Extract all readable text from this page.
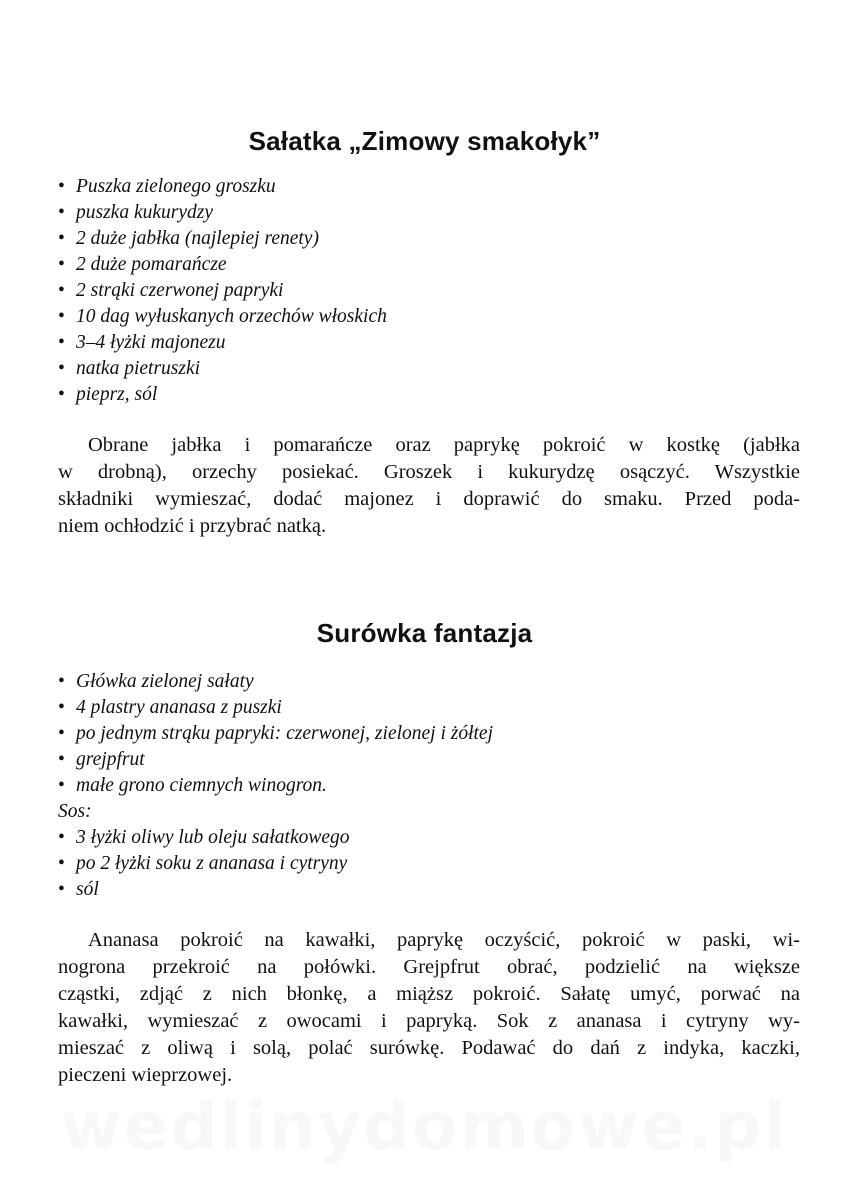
Sałatka „Zimowy smakołyk”
• Puszka zielonego groszku
• puszka kukurydzy
• 2 duże jabłka (najlepiej renety)
• 2 duże pomarańcze
• 2 strąki czerwonej papryki
• 10 dag wyłuskanych orzechów włoskich
• 3–4 łyżki majonezu
• natka pietruszki
• pieprz, sól

Obrane jabłka i pomarańcze oraz paprykę pokroić w kostkę (jabłka
w drobną), orzechy posiekać. Groszek i kukurydzę osączyć. Wszystkie
składniki wymieszać, dodać majonez i doprawić do smaku. Przed poda-
niem ochłodzić i przybrać natką.

Surówka fantazja
• Główka zielonej sałaty
• 4 plastry ananasa z puszki
• po jednym strąku papryki: czerwonej, zielonej i żółtej
• grejpfrut
• małe grono ciemnych winogron.
Sos:
• 3 łyżki oliwy lub oleju sałatkowego
• po 2 łyżki soku z ananasa i cytryny
• sól

Ananasa pokroić na kawałki, paprykę oczyścić, pokroić w paski, wi-
nogrona przekroić na połówki. Grejpfrut obrać, podzielić na większe
cząstki, zdjąć z nich błonkę, a miąższ pokroić. Sałatę umyć, porwać na
kawałki, wymieszać z owocami i papryką. Sok z ananasa i cytryny wy-
mieszać z oliwą i solą, polać surówkę. Podawać do dań z indyka, kaczki,
pieczeni wieprzowej.

wedlinydomowe.pl
